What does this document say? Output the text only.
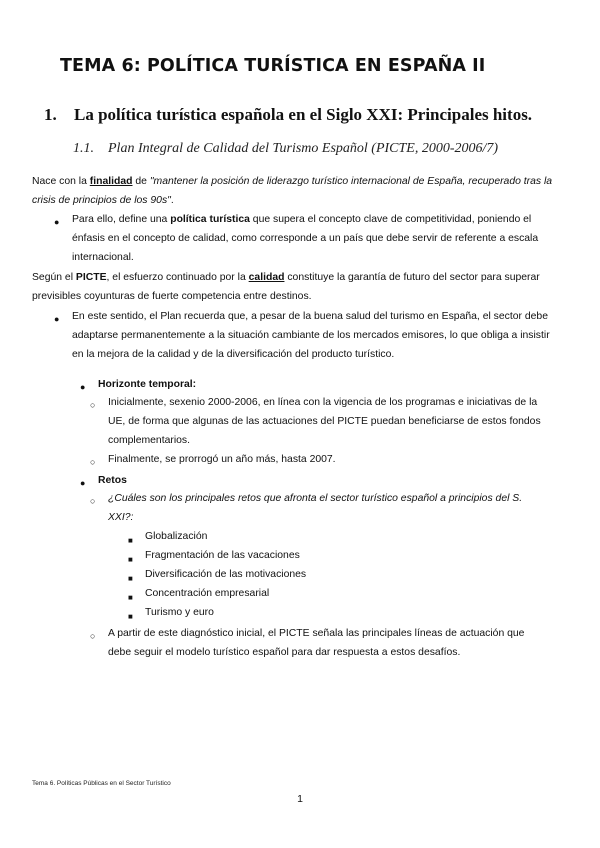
TEMA 6: POLÍTICA TURÍSTICA EN ESPAÑA II
1. La política turística española en el Siglo XXI: Principales hitos.
1.1. Plan Integral de Calidad del Turismo Español (PICTE, 2000-2006/7)
Nace con la finalidad de "mantener la posición de liderazgo turístico internacional de España, recuperado tras la crisis de principios de los 90s".
● Para ello, define una política turística que supera el concepto clave de competitividad, poniendo el énfasis en el concepto de calidad, como corresponde a un país que debe servir de referente a escala internacional.
Según el PICTE, el esfuerzo continuado por la calidad constituye la garantía de futuro del sector para superar previsibles coyunturas de fuerte competencia entre destinos.
● En este sentido, el Plan recuerda que, a pesar de la buena salud del turismo en España, el sector debe adaptarse permanentemente a la situación cambiante de los mercados emisores, lo que obliga a insistir en la mejora de la calidad y de la diversificación del producto turístico.
● Horizonte temporal:
○ Inicialmente, sexenio 2000-2006, en línea con la vigencia de los programas e iniciativas de la UE, de forma que algunas de las actuaciones del PICTE puedan beneficiarse de estos fondos complementarios.
○ Finalmente, se prorrogó un año más, hasta 2007.
● Retos
○ ¿Cuáles son los principales retos que afronta el sector turístico español a principios del S. XXI?:
■ Globalización
■ Fragmentación de las vacaciones
■ Diversificación de las motivaciones
■ Concentración empresarial
■ Turismo y euro
○ A partir de este diagnóstico inicial, el PICTE señala las principales líneas de actuación que debe seguir el modelo turístico español para dar respuesta a estos desafíos.
Tema 6. Políticas Públicas en el Sector Turístico
1
